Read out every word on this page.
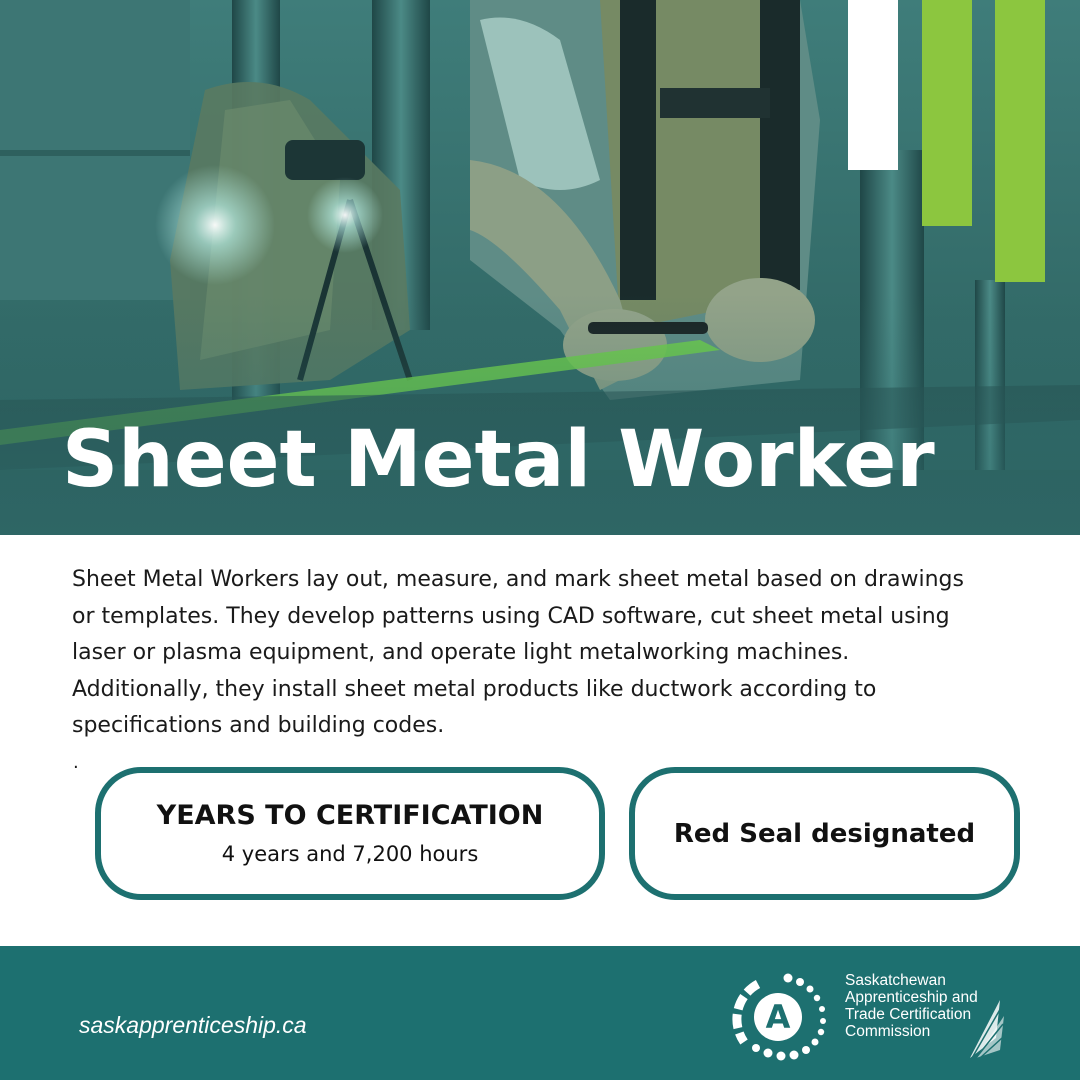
Sheet Metal Worker

Sheet Metal Workers lay out, measure, and mark sheet metal based on drawings
or templates. They develop patterns using CAD software, cut sheet metal using
laser or plasma equipment, and operate light metalworking machines.
Additionally, they install sheet metal products like ductwork according to
specifications and building codes.

.
YEARS TO CERTIFICATION
4 years and 7,200 hours
Red Seal designated
saskapprenticeship.ca	A
Saskatchewan
Apprenticeship and
Trade Certification
Commission
